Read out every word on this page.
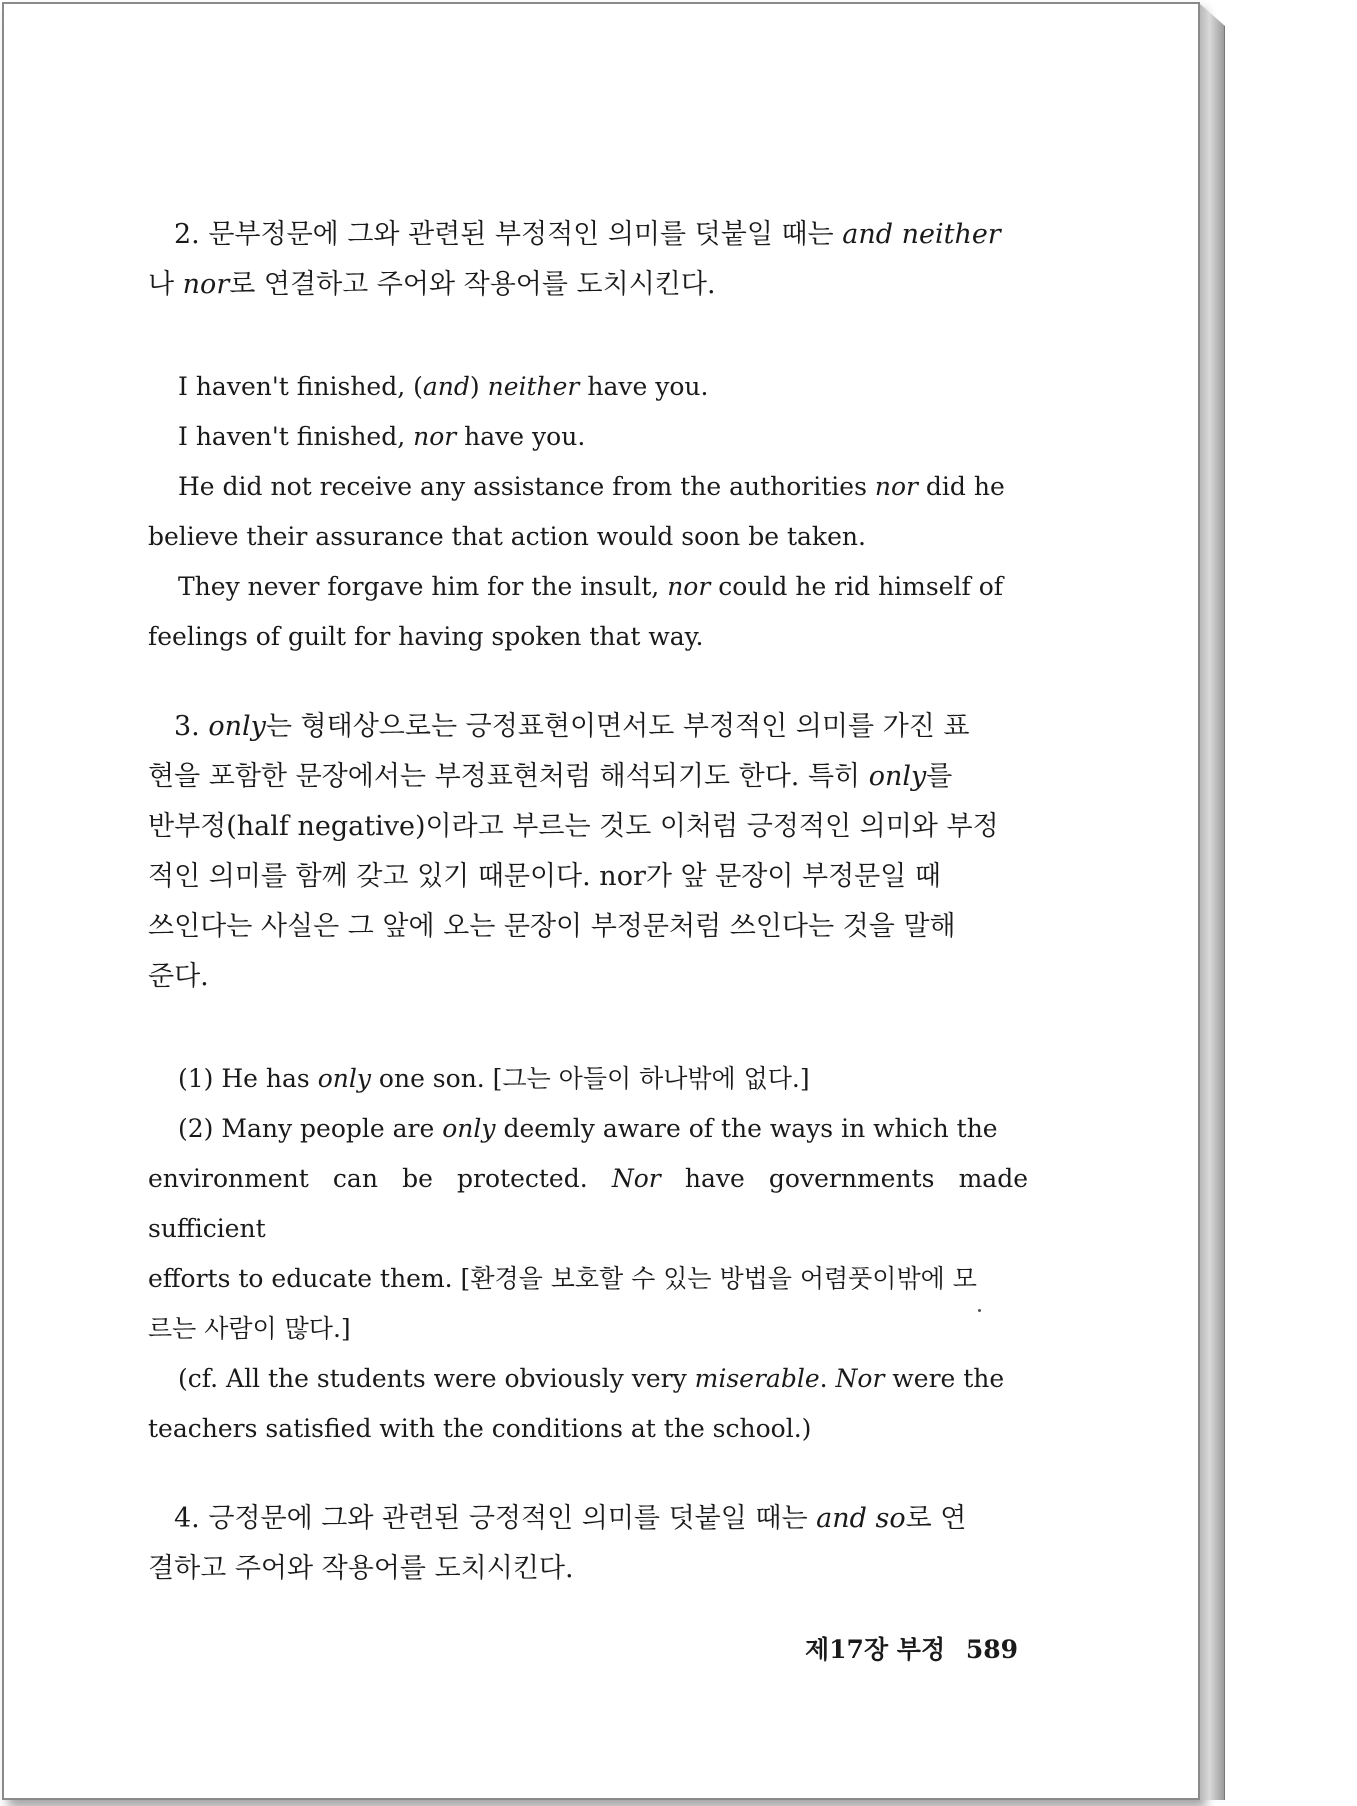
2. 문부정문에 그와 관련된 부정적인 의미를 덧붙일 때는 and neither
나 nor로 연결하고 주어와 작용어를 도치시킨다.

I haven't finished, (and) neither have you.

I haven't finished, nor have you.

He did not receive any assistance from the authorities nor did he
believe their assurance that action would soon be taken.

They never forgave him for the insult, nor could he rid himself of
feelings of guilt for having spoken that way.

3. only는 형태상으로는 긍정표현이면서도 부정적인 의미를 가진 표
현을 포함한 문장에서는 부정표현처럼 해석되기도 한다. 특히 only를
반부정(half negative)이라고 부르는 것도 이처럼 긍정적인 의미와 부정
적인 의미를 함께 갖고 있기 때문이다. nor가 앞 문장이 부정문일 때
쓰인다는 사실은 그 앞에 오는 문장이 부정문처럼 쓰인다는 것을 말해
준다.

(1) He has only one son. [그는 아들이 하나밖에 없다.]

(2) Many people are only deemly aware of the ways in which the
environment can be protected. Nor have governments made sufficient
efforts to educate them. [환경을 보호할 수 있는 방법을 어렴풋이밖에 모
르는 사람이 많다.]

(cf. All the students were obviously very miserable. Nor were the
teachers satisfied with the conditions at the school.)

4. 긍정문에 그와 관련된 긍정적인 의미를 덧붙일 때는 and so로 연
결하고 주어와 작용어를 도치시킨다.

제17장 부정 589
